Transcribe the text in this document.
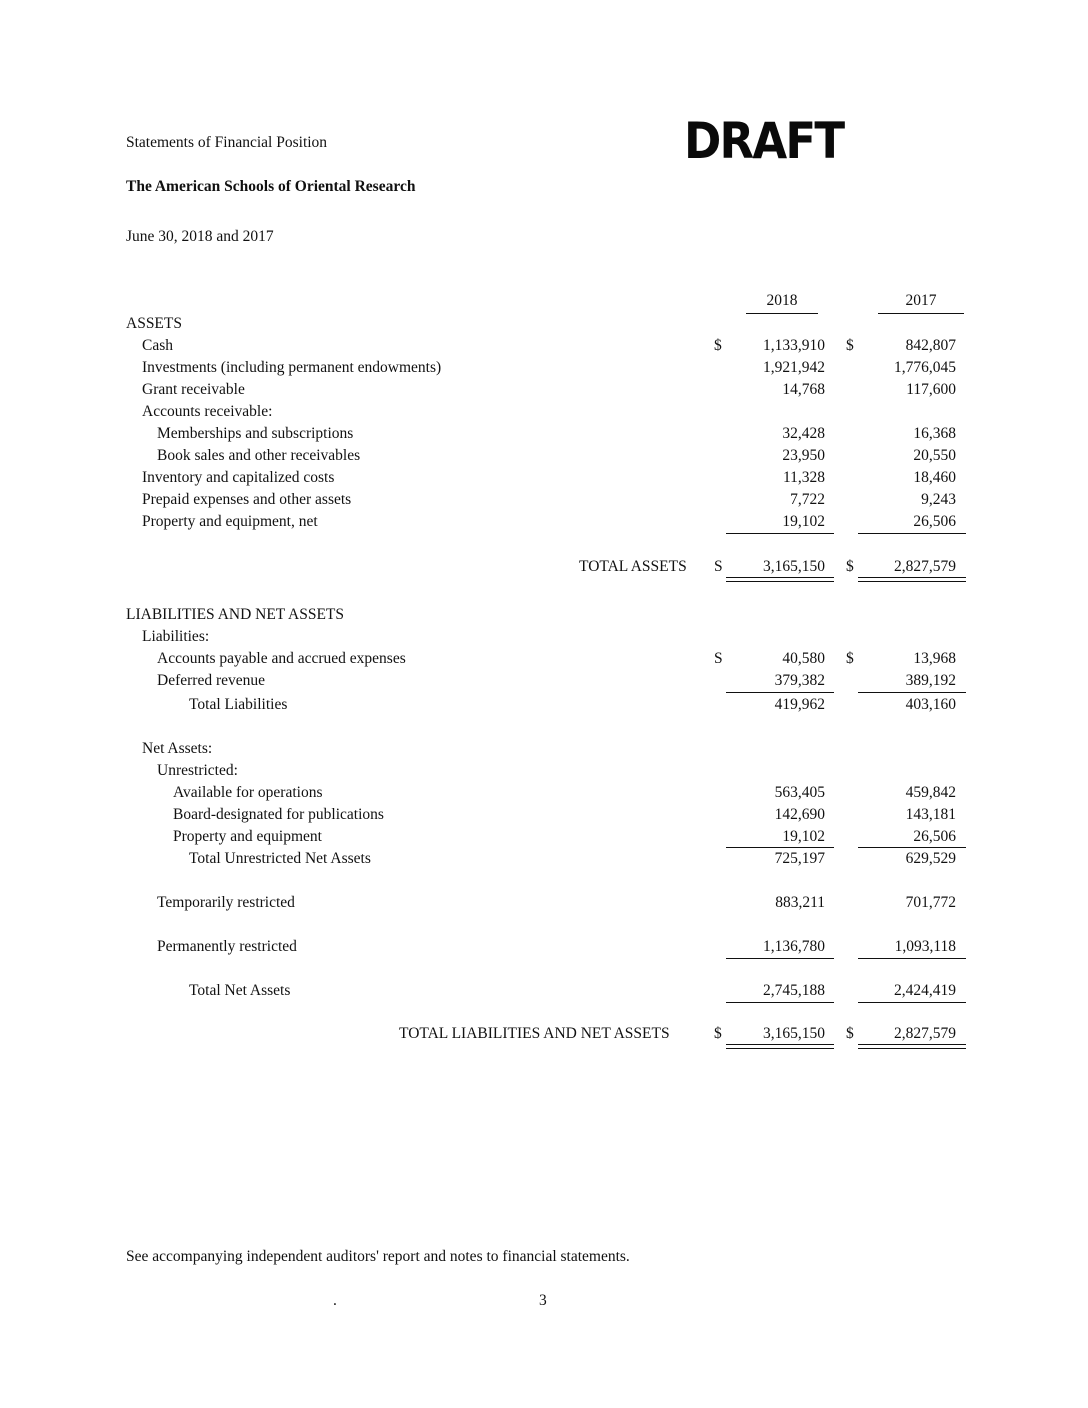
Statements of Financial Position	DRAFT
The American Schools of Oriental Research
June 30, 2018 and 2017
2018	2017
ASSETS
Cash	$	1,133,910 $	842,807
Investments (including permanent endowments)	1,921,942	1,776,045
Grant receivable	14,768	117,600
Accounts receivable:
Memberships and subscriptions	32,428	16,368
Book sales and other receivables	23,950	20,550
Inventory and capitalized costs	11,328	18,460
Prepaid expenses and other assets	7,722	9,243
Property and equipment, net	19,102	26,506
TOTAL ASSETS S	3,165,150 $	2,827,579
LIABILITIES AND NET ASSETS
Liabilities:
Accounts payable and accrued expenses	S	40,580 $	13,968
Deferred revenue	379,382	389,192
Total Liabilities	419,962	403,160
Net Assets:
Unrestricted:
Available for operations	563,405	459,842
Board-designated for publications	142,690	143,181
Property and equipment	19,102	26,506
Total Unrestricted Net Assets	725,197	629,529
Temporarily restricted	883,211	701,772
Permanently restricted	1,136,780	1,093,118
Total Net Assets	2,745,188	2,424,419
TOTAL LIABILITIES AND NET ASSETS	$	3,165,150 $	2,827,579
See accompanying independent auditors' report and notes to financial statements.
.	3
